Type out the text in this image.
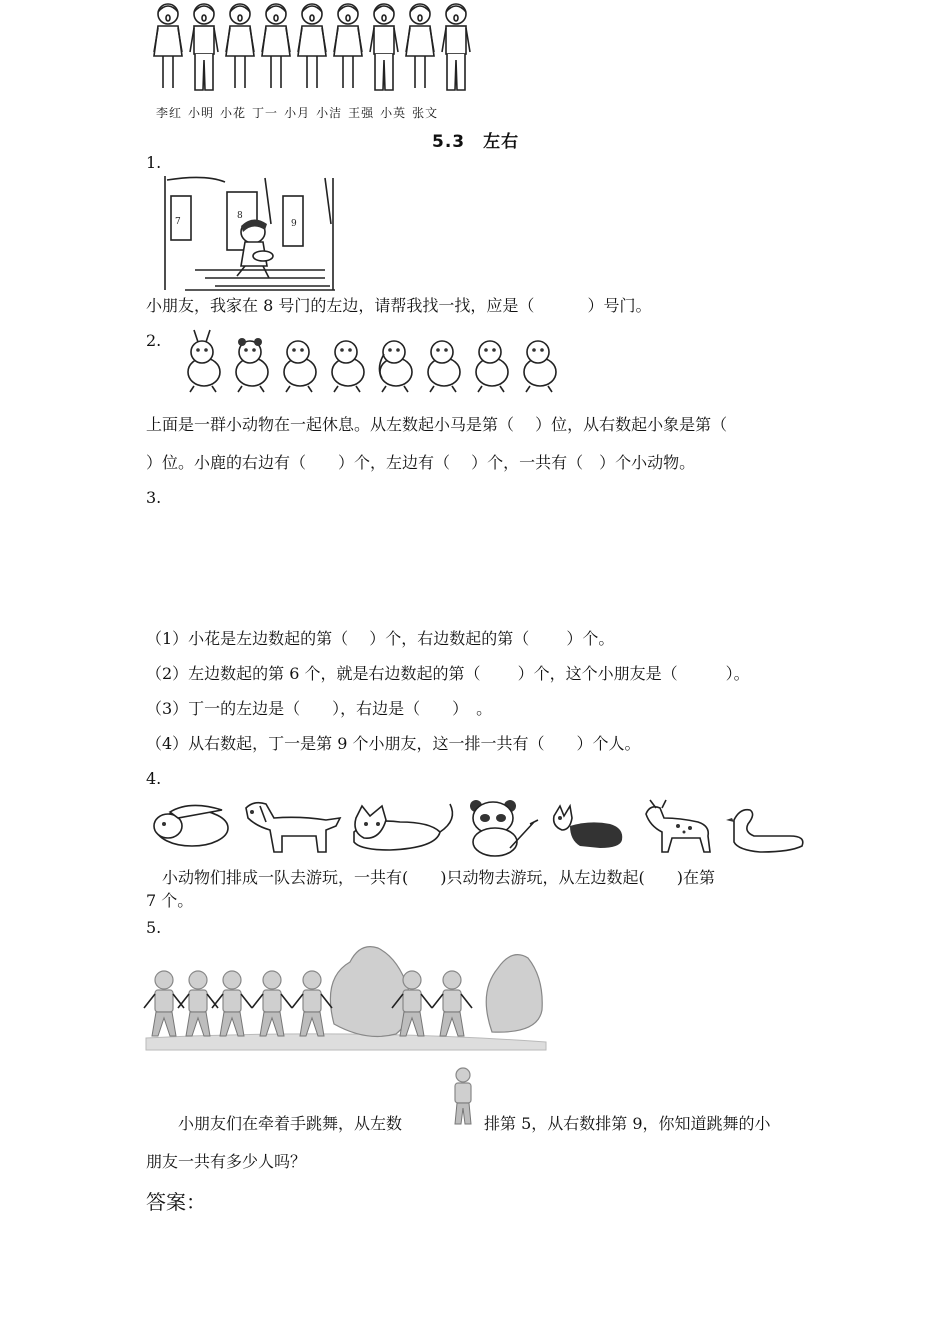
李红 小明 小花 丁一 小月 小洁 王强 小英 张文
5.3　左右
1.
7
8
9
小朋友，我家在 8 号门的左边，请帮我找一找，应是（　　　 ）号门。
2.
上面是一群小动物在一起休息。从左数起小马是第（　 ）位，从右数起小象是第（
）位。小鹿的右边有（　　）个，左边有（　 ）个，一共有（　）个小动物。
3.
（1）小花是左边数起的第（　 ）个，右边数起的第（　　 ）个。
（2）左边数起的第 6 个，就是右边数起的第（　　 ）个，这个小朋友是（　　　）。
（3）丁一的左边是（　　），右边是（　　）　。
（4）从右数起，丁一是第 9 个小朋友，这一排一共有（　　）个人。
4.
　小动物们排成一队去游玩，一共有(　　)只动物去游玩，从左边数起(　　)在第
7 个。
5.
　　小朋友们在牵着手跳舞，从左数	排第 5，从右数排第 9，你知道跳舞的小
朋友一共有多少人吗？
答案：
